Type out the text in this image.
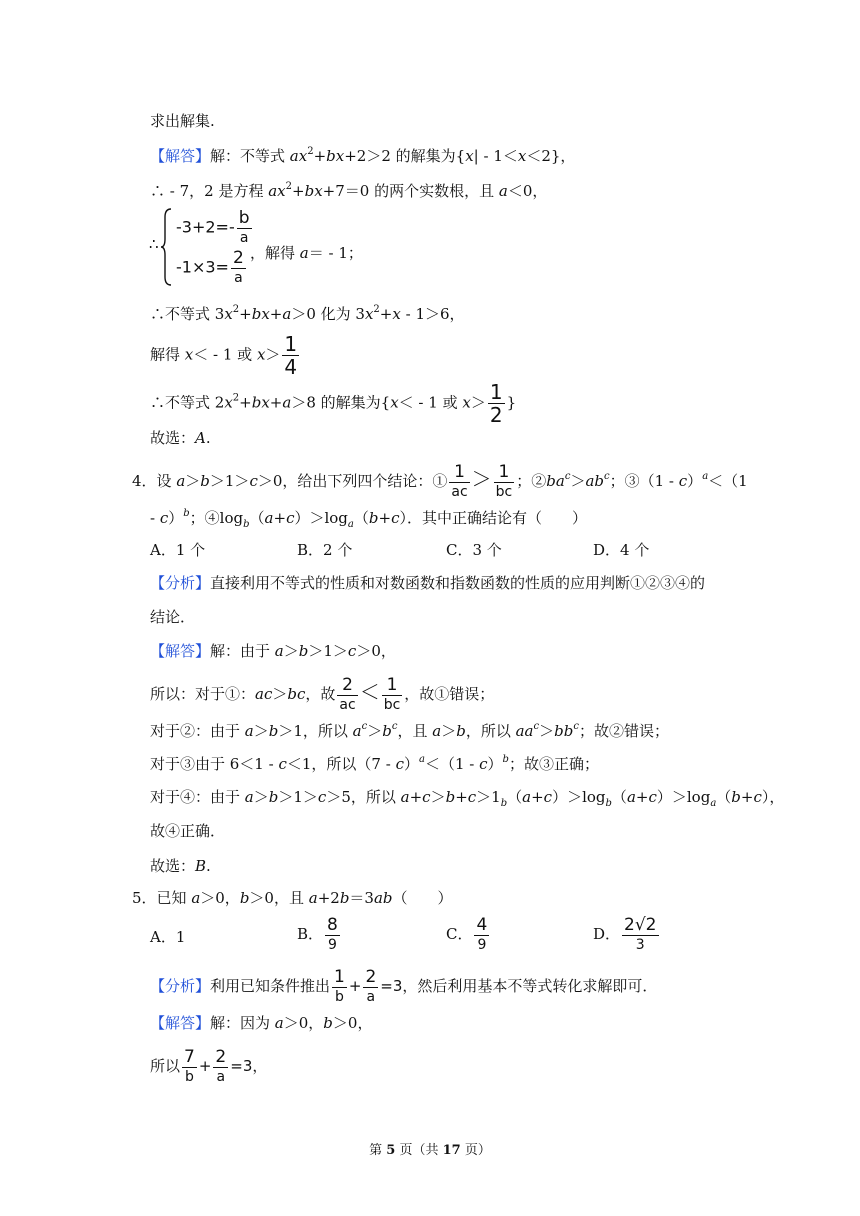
求出解集.
【解答】解：不等式 $ax^2+bx+2>2$ 的解集为{x| - 1＜x＜2}，
∴ - 7，2 是方程 $ax^2+bx+7=0$ 的两个实数根，且 a＜0，
∴
$-3+2=- \frac{b}{a}$
$-1\times 3= \frac{2}{a}$ ，解得 a＝ - 1；
∴不等式 $3x^2+bx+a>0$ 化为 $3x^2+x - 1>6$，
解得 x＜ - 1 或 $x> \frac{1}{4}$
∴不等式 $2x^2+bx+a>8$ 的解集为{x＜ - 1 或 $x> \frac{1}{2}$ }
故选：A.
4．设 a＞b＞1＞c＞0，给出下列四个结论：① $\frac{1}{ac} > \frac{1}{bc}$ ；$②ba^c>ab^c$；③（1 - c）$^a$＜（1
- c）$^b$；$④\log_b(a+c)>\log_a(b+c)$．其中正确结论有（　　）
A．1 个	B．2 个	C．3 个	D．4 个
【分析】直接利用不等式的性质和对数函数和指数函数的性质的应用判断①②③④的
结论．
【解答】解：由于 a＞b＞1＞c＞0，
所以：对于①：ac＞bc，故 $\frac{2}{ac} < \frac{1}{bc}$ ，故①错误；
对于②：由于 a＞b＞1，所以 $a^c>b^c$，且 a＞b，所以 $aa^c>bb^c$；故②错误；
对于③由于 6＜1 - c＜1，所以（7 - c）$^a$＜（1 - c）$^b$；故③正确；
对于④：由于 a＞b＞1＞c＞5，所以 $a+c>b+c>1_b(a+c)>\log_b(a+c)>\log_a(b+c)$，
故④正确．
故选：B.
5．已知 a＞0，b＞0，且 a+2b＝3ab（　　）
A．1	B． $\frac{8}{9}$	C． $\frac{4}{9}$	D． $\frac{2√2}{3}$
【分析】利用已知条件推出 $\frac{1}{b} + \frac{2}{a} =3$，然后利用基本不等式转化求解即可．
【解答】解：因为 a＞0，b＞0，
所以 $\frac{7}{b} + \frac{2}{a} =3$，
第 5 页（共 17 页）
